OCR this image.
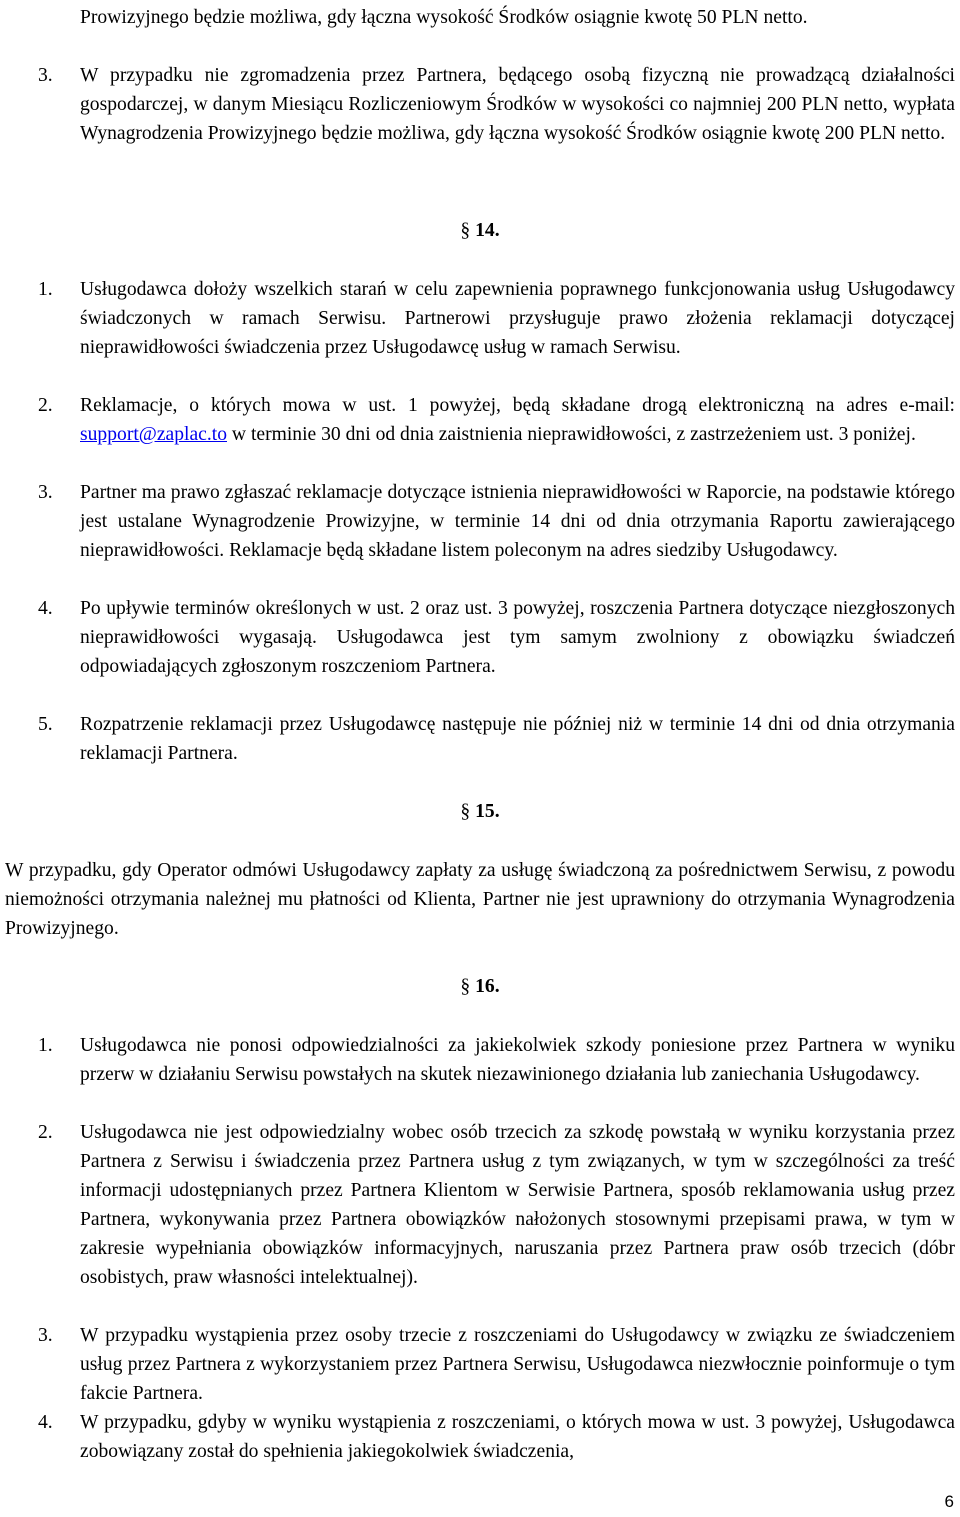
Prowizyjnego będzie możliwa, gdy łączna wysokość Środków osiągnie kwotę 50 PLN netto.
3. W przypadku nie zgromadzenia przez Partnera, będącego osobą fizyczną nie prowadzącą działalności gospodarczej, w danym Miesiącu Rozliczeniowym Środków w wysokości co najmniej 200 PLN netto, wypłata Wynagrodzenia Prowizyjnego będzie możliwa, gdy łączna wysokość Środków osiągnie kwotę 200 PLN netto.
§ 14.
1. Usługodawca dołoży wszelkich starań w celu zapewnienia poprawnego funkcjonowania usług Usługodawcy świadczonych w ramach Serwisu. Partnerowi przysługuje prawo złożenia reklamacji dotyczącej nieprawidłowości świadczenia przez Usługodawcę usług w ramach Serwisu.
2. Reklamacje, o których mowa w ust. 1 powyżej, będą składane drogą elektroniczną na adres e-mail: support@zaplac.to w terminie 30 dni od dnia zaistnienia nieprawidłowości, z zastrzeżeniem ust. 3 poniżej.
3. Partner ma prawo zgłaszać reklamacje dotyczące istnienia nieprawidłowości w Raporcie, na podstawie którego jest ustalane Wynagrodzenie Prowizyjne, w terminie 14 dni od dnia otrzymania Raportu zawierającego nieprawidłowości. Reklamacje będą składane listem poleconym na adres siedziby Usługodawcy.
4. Po upływie terminów określonych w ust. 2 oraz ust. 3 powyżej, roszczenia Partnera dotyczące niezgłoszonych nieprawidłowości wygasają. Usługodawca jest tym samym zwolniony z obowiązku świadczeń odpowiadających zgłoszonym roszczeniom Partnera.
5. Rozpatrzenie reklamacji przez Usługodawcę następuje nie później niż w terminie 14 dni od dnia otrzymania reklamacji Partnera.
§ 15.
W przypadku, gdy Operator odmówi Usługodawcy zapłaty za usługę świadczoną za pośrednictwem Serwisu, z powodu niemożności otrzymania należnej mu płatności od Klienta, Partner nie jest uprawniony do otrzymania Wynagrodzenia Prowizyjnego.
§ 16.
1. Usługodawca nie ponosi odpowiedzialności za jakiekolwiek szkody poniesione przez Partnera w wyniku przerw w działaniu Serwisu powstałych na skutek niezawinionego działania lub zaniechania Usługodawcy.
2. Usługodawca nie jest odpowiedzialny wobec osób trzecich za szkodę powstałą w wyniku korzystania przez Partnera z Serwisu i świadczenia przez Partnera usług z tym związanych, w tym w szczególności za treść informacji udostępnianych przez Partnera Klientom w Serwisie Partnera, sposób reklamowania usług przez Partnera, wykonywania przez Partnera obowiązków nałożonych stosownymi przepisami prawa, w tym w zakresie wypełniania obowiązków informacyjnych, naruszania przez Partnera praw osób trzecich (dóbr osobistych, praw własności intelektualnej).
3. W przypadku wystąpienia przez osoby trzecie z roszczeniami do Usługodawcy w związku ze świadczeniem usług przez Partnera z wykorzystaniem przez Partnera Serwisu, Usługodawca niezwłocznie poinformuje o tym fakcie Partnera.
4. W przypadku, gdyby w wyniku wystąpienia z roszczeniami, o których mowa w ust. 3 powyżej, Usługodawca zobowiązany został do spełnienia jakiegokolwiek świadczenia,
6
